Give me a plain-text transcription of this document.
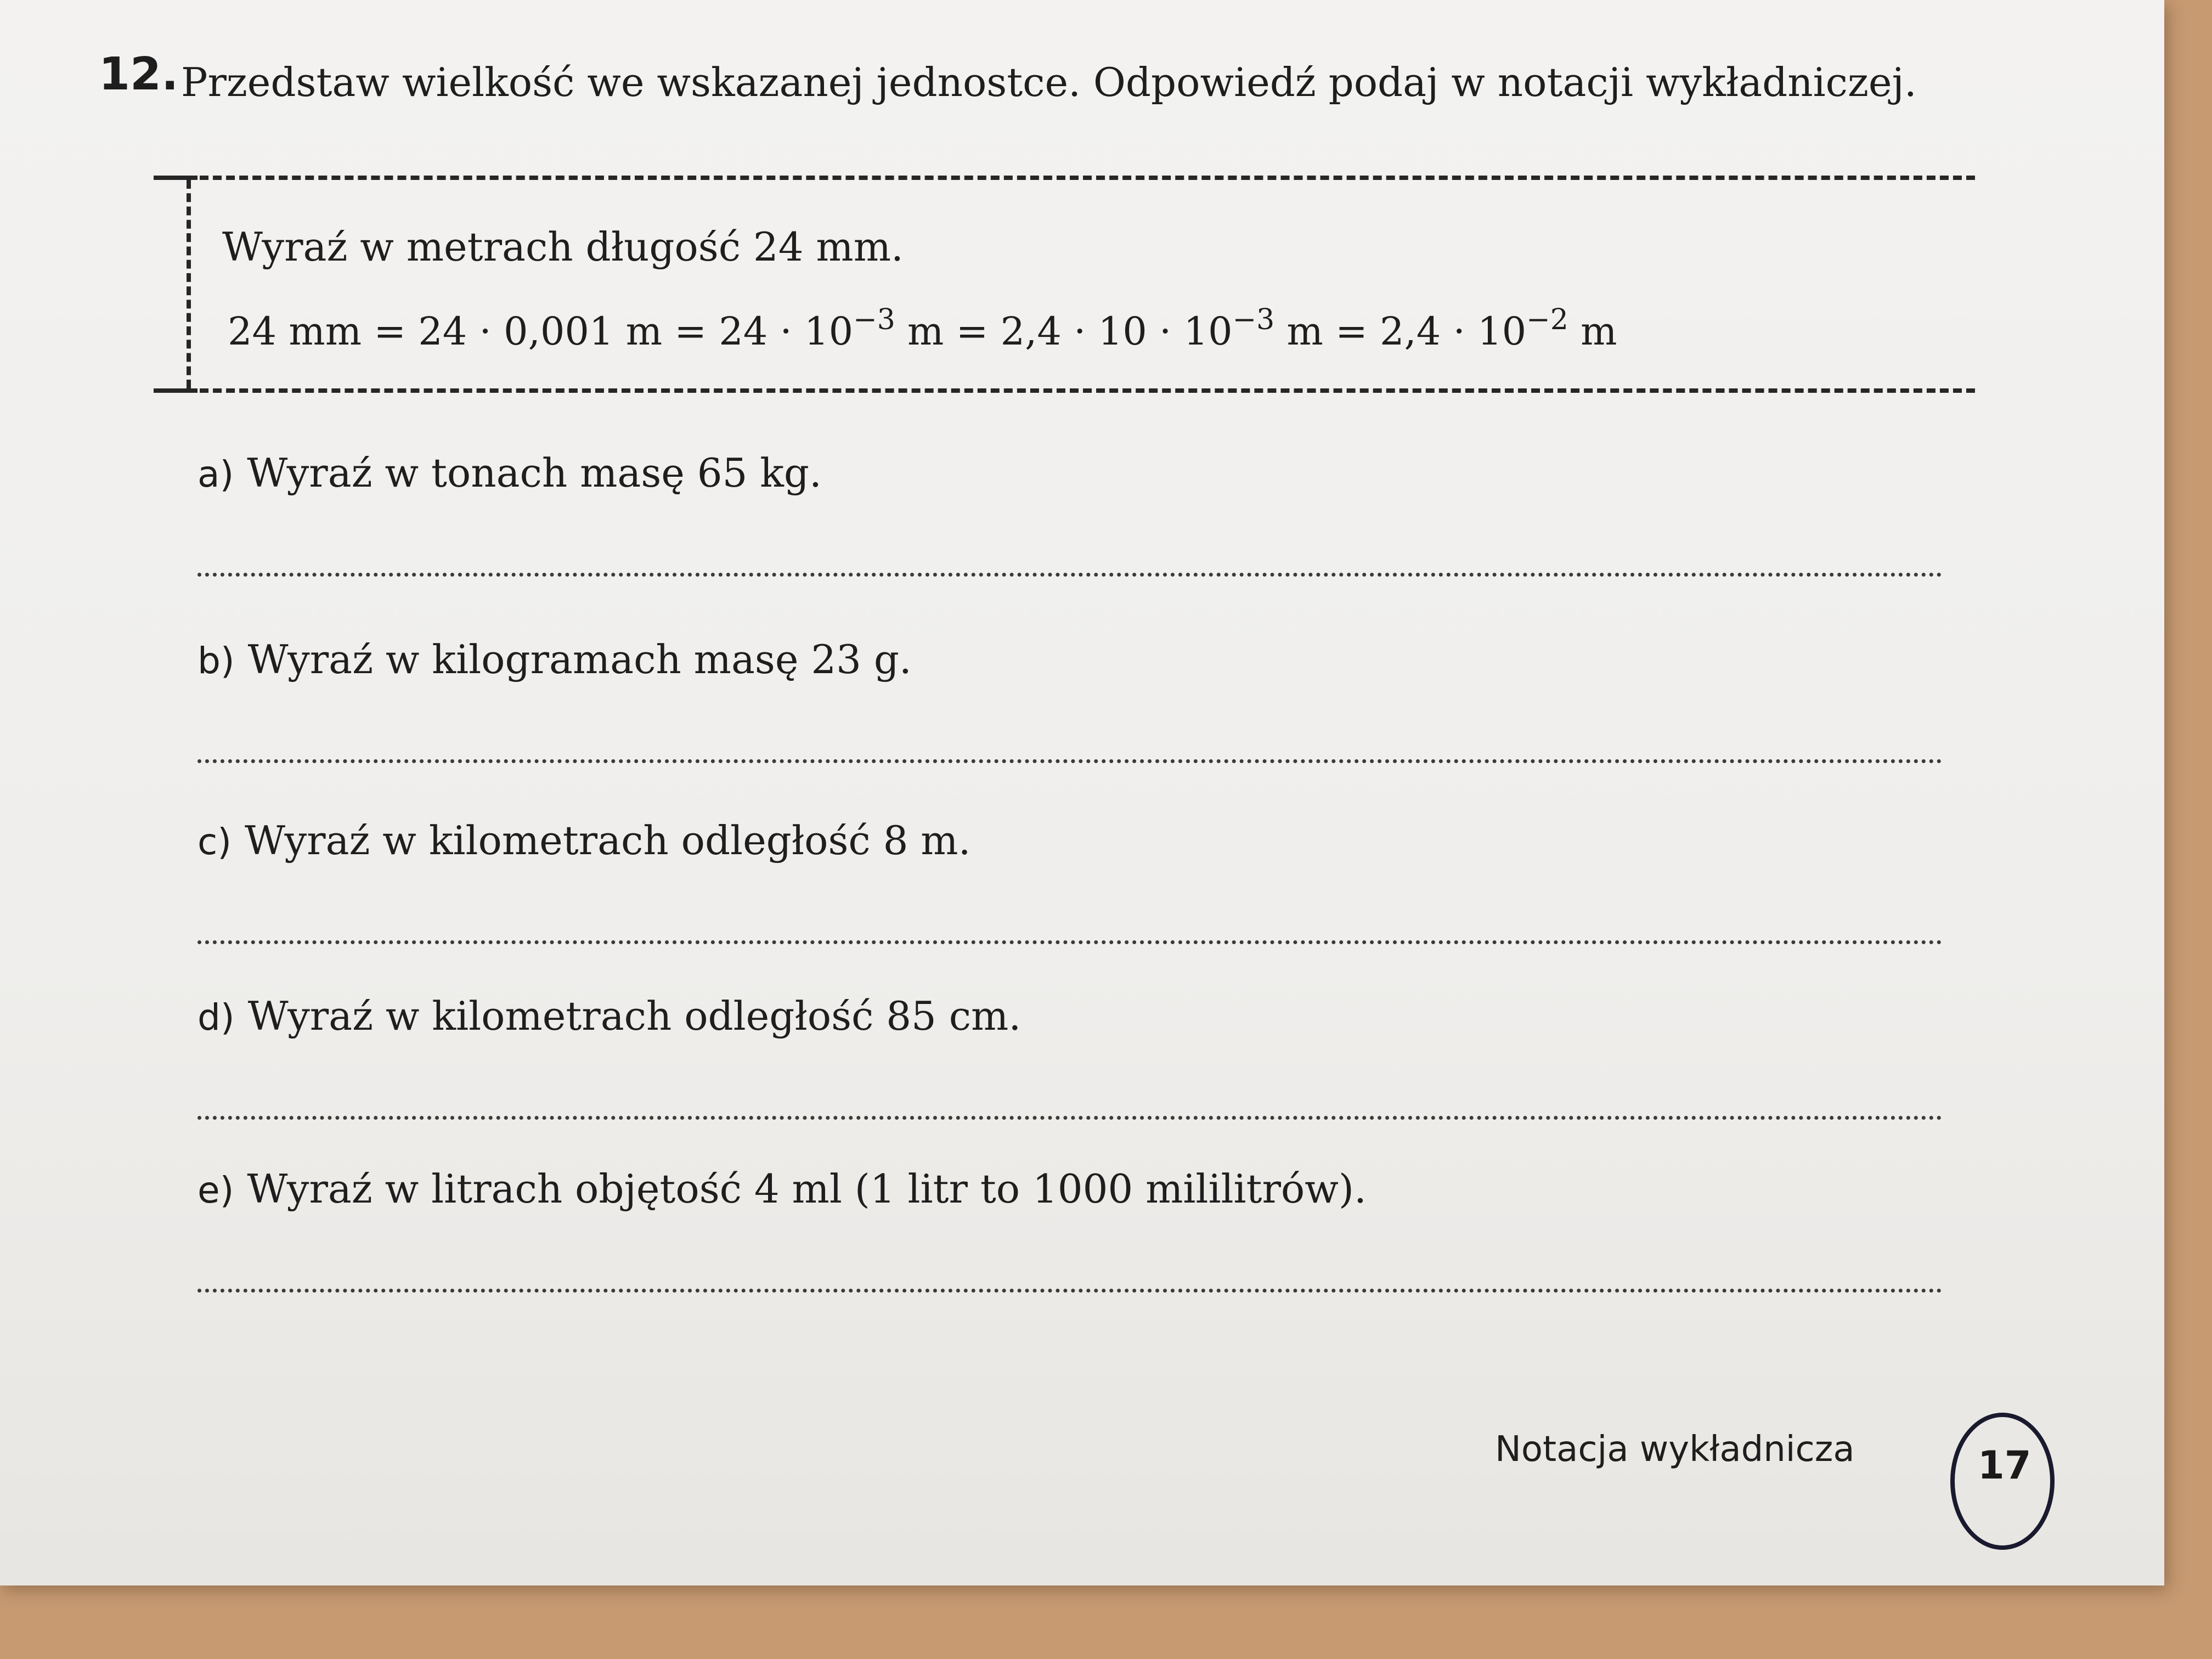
12. Przedstaw wielkość we wskazanej jednostce. Odpowiedź podaj w notacji wykładniczej.
Wyraź w metrach długość 24 mm.
24 mm = 24 · 0,001 $m = 24 \cdot 10^{-3}$ $m = 2,4 \cdot 10 \cdot 10^{-3}$ $m = 2,4 \cdot 10^{-2}$ m
a) Wyraź w tonach masę 65 kg.
b) Wyraź w kilogramach masę 23 g.
c) Wyraź w kilometrach odległość 8 m.
d) Wyraź w kilometrach odległość 85 cm.
e) Wyraź w litrach objętość 4 ml (1 litr to 1000 mililitrów).
Notacja wykładnicza	17
